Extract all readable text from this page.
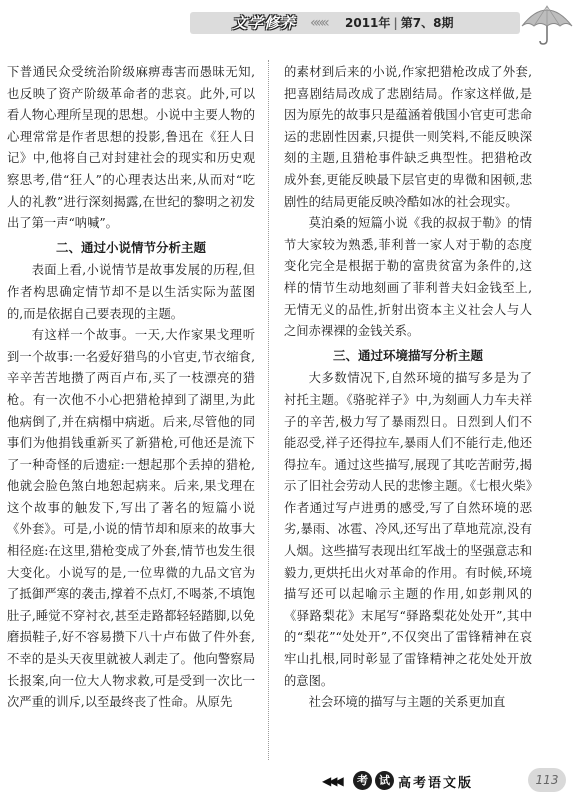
文学修养 ««« 2011年 | 第7、8期

下普通民众受统治阶级麻痹毒害而愚昧无知,也反映了资产阶级革命者的悲哀。此外,可以看人物心理所呈现的思想。小说中主要人物的心理常常是作者思想的投影,鲁迅在《狂人日记》中,他将自己对封建社会的现实和历史观察思考,借“狂人”的心理表达出来,从而对“吃人的礼教”进行深刻揭露,在世纪的黎明之初发出了第一声“呐喊”。

二、通过小说情节分析主题

表面上看,小说情节是故事发展的历程,但作者构思确定情节却不是以生活实际为蓝图的,而是依据自己要表现的主题。

有这样一个故事。一天,大作家果戈理听到一个故事:一名爱好猎鸟的小官吏,节衣缩食,辛辛苦苦地攒了两百卢布,买了一枝漂亮的猎枪。有一次他不小心把猎枪掉到了湖里,为此他病倒了,并在病榻中病逝。后来,尽管他的同事们为他捐钱重新买了新猎枪,可他还是流下了一种奇怪的后遗症:一想起那个丢掉的猎枪,他就会脸色煞白地恕起病来。后来,果戈理在这个故事的触发下,写出了著名的短篇小说《外套》。可是,小说的情节却和原来的故事大相径庭:在这里,猎枪变成了外套,情节也发生很大变化。小说写的是,一位卑微的九品文官为了抵御严寒的袭击,撑着不点灯,不喝茶,不填饱肚子,睡觉不穿衬衣,甚至走路都轻轻踏脚,以免磨损鞋子,好不容易攒下八十卢布做了件外套,不幸的是头天夜里就被人剥走了。他向警察局长报案,向一位大人物求救,可是受到一次比一次严重的训斥,以至最终丧了性命。从原先

的素材到后来的小说,作家把猎枪改成了外套,把喜剧结局改成了悲剧结局。作家这样做,是因为原先的故事只是蕴涵着俄国小官吏可悲命运的悲剧性因素,只提供一则笑料,不能反映深刻的主题,且猎枪事件缺乏典型性。把猎枪改成外套,更能反映最下层官吏的卑微和困顿,悲剧性的结局更能反映冷酷如冰的社会现实。

莫泊桑的短篇小说《我的叔叔于勒》的情节大家较为熟悉,菲利普一家人对于勒的态度变化完全是根据于勒的富贵贫富为条件的,这样的情节生动地刻画了菲利普夫妇金钱至上,无情无义的品性,折射出资本主义社会人与人之间赤裸裸的金钱关系。

三、通过环境描写分析主题

大多数情况下,自然环境的描写多是为了衬托主题。《骆驼祥子》中,为刻画人力车夫祥子的辛苦,极力写了暴雨烈日。日烈到人们不能忍受,祥子还得拉车,暴雨人们不能行走,他还得拉车。通过这些描写,展现了其吃苦耐劳,揭示了旧社会劳动人民的悲惨主题。《七根火柴》作者通过写卢进勇的感受,写了自然环境的恶劣,暴雨、冰雹、冷风,还写出了草地荒凉,没有人烟。这些描写表现出红军战士的坚强意志和毅力,更烘托出火对革命的作用。有时候,环境描写还可以起喻示主题的作用,如彭荆风的《驿路梨花》末尾写“驿路梨花处处开”,其中的“梨花”“处处开”,不仅突出了雷锋精神在哀牢山扎根,同时彰显了雷锋精神之花处处开放的意图。

社会环境的描写与主题的关系更加直

◀◀◀	考	试 高考语文版	113
